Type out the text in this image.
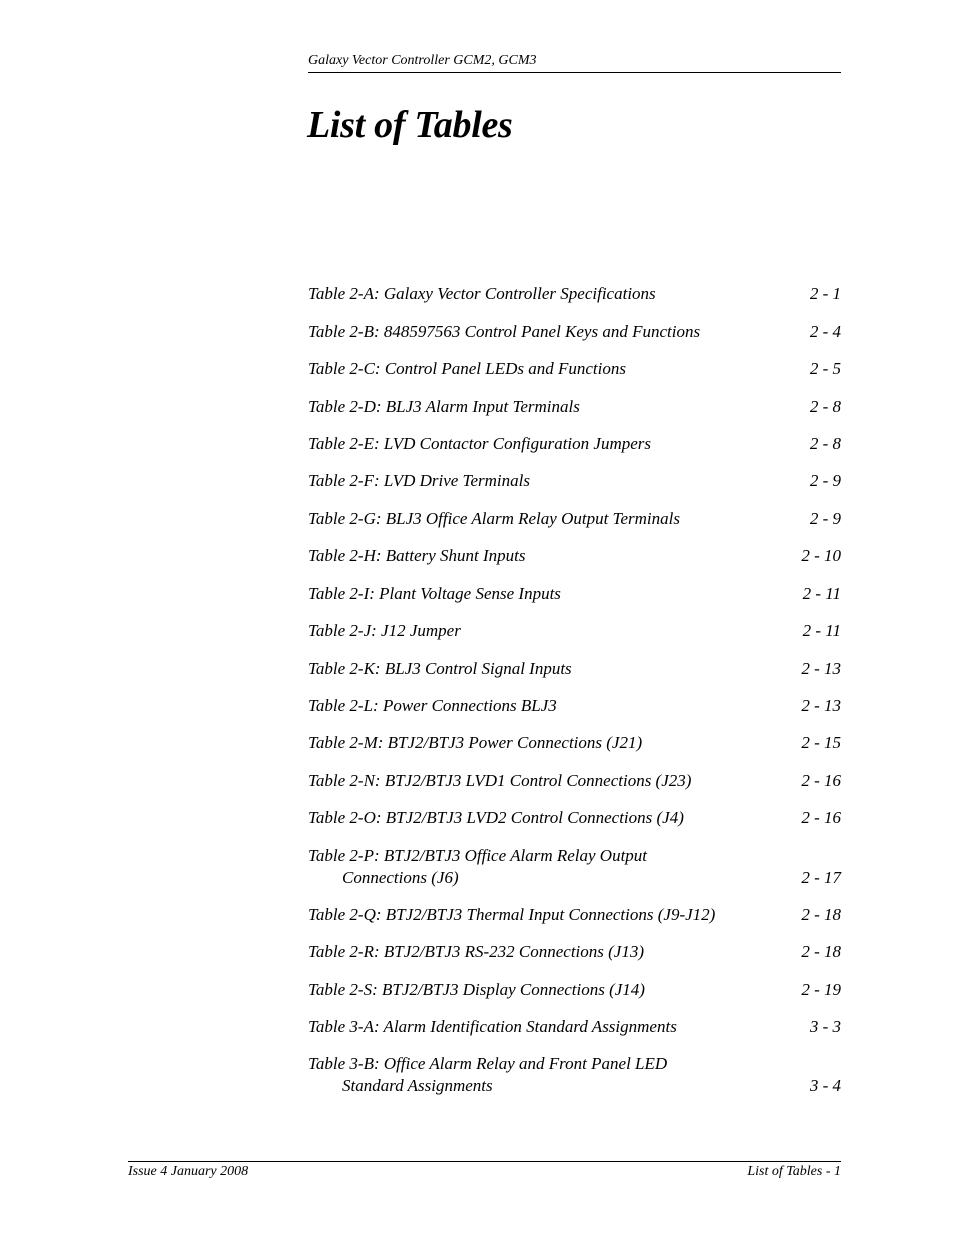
Galaxy Vector Controller GCM2, GCM3
List of Tables
Table 2-A: Galaxy Vector Controller Specifications	2 - 1
Table 2-B: 848597563 Control Panel Keys and Functions	2 - 4
Table 2-C: Control Panel LEDs and Functions	2 - 5
Table 2-D: BLJ3 Alarm Input Terminals	2 - 8
Table 2-E: LVD Contactor Configuration Jumpers	2 - 8
Table 2-F: LVD Drive Terminals	2 - 9
Table 2-G: BLJ3 Office Alarm Relay Output Terminals	2 - 9
Table 2-H: Battery Shunt Inputs	2 - 10
Table 2-I: Plant Voltage Sense Inputs	2 - 11
Table 2-J: J12 Jumper	2 - 11
Table 2-K: BLJ3 Control Signal Inputs	2 - 13
Table 2-L: Power Connections BLJ3	2 - 13
Table 2-M: BTJ2/BTJ3 Power Connections (J21)	2 - 15
Table 2-N: BTJ2/BTJ3 LVD1 Control Connections (J23)	2 - 16
Table 2-O: BTJ2/BTJ3 LVD2 Control Connections (J4)	2 - 16
Table 2-P: BTJ2/BTJ3 Office Alarm Relay Output
Connections (J6)	2 - 17
Table 2-Q: BTJ2/BTJ3 Thermal Input Connections (J9-J12)	2 - 18
Table 2-R: BTJ2/BTJ3 RS-232 Connections (J13)	2 - 18
Table 2-S: BTJ2/BTJ3 Display Connections (J14)	2 - 19
Table 3-A: Alarm Identification Standard Assignments	3 - 3
Table 3-B: Office Alarm Relay and Front Panel LED
Standard Assignments	3 - 4
Issue 4 January 2008	List of Tables - 1
